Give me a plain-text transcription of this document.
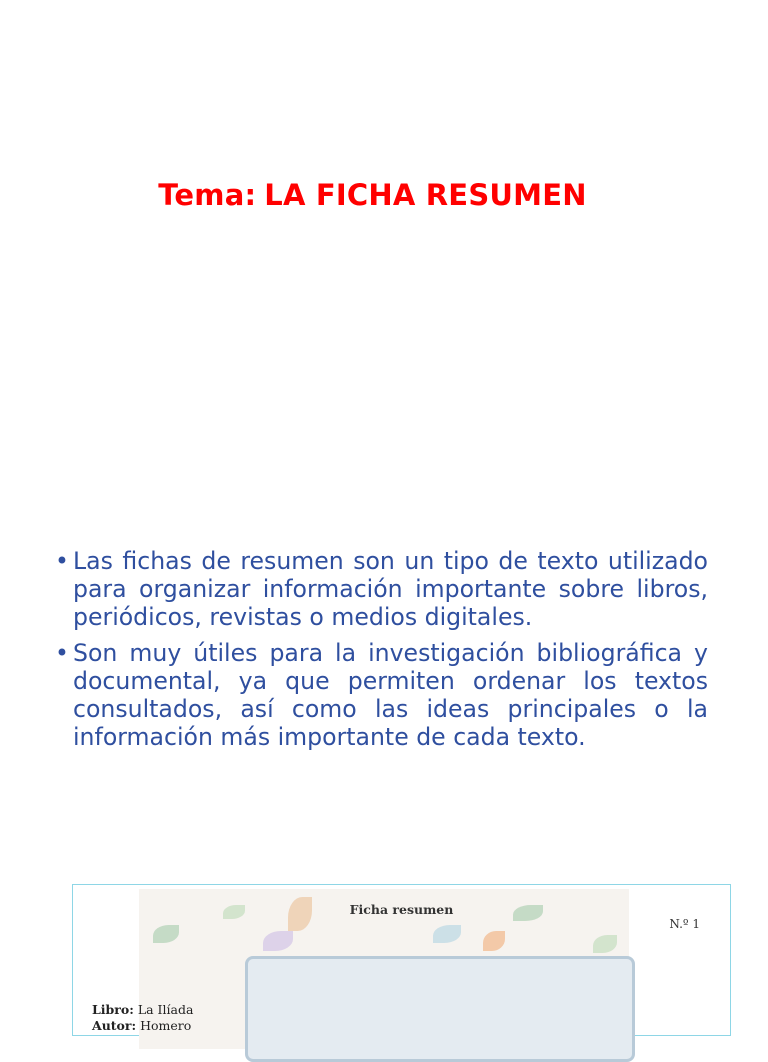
Tema: LA FICHA RESUMEN
• Las fichas de resumen son un tipo de texto utilizado para organizar información importante sobre libros, periódicos, revistas o medios digitales.
• Son muy útiles para la investigación bibliográfica y documental, ya que permiten ordenar los textos consultados, así como las ideas principales o la información más importante de cada texto.
Ficha resumen
N.º 1
Libro: La Ilíada
Autor: Homero
